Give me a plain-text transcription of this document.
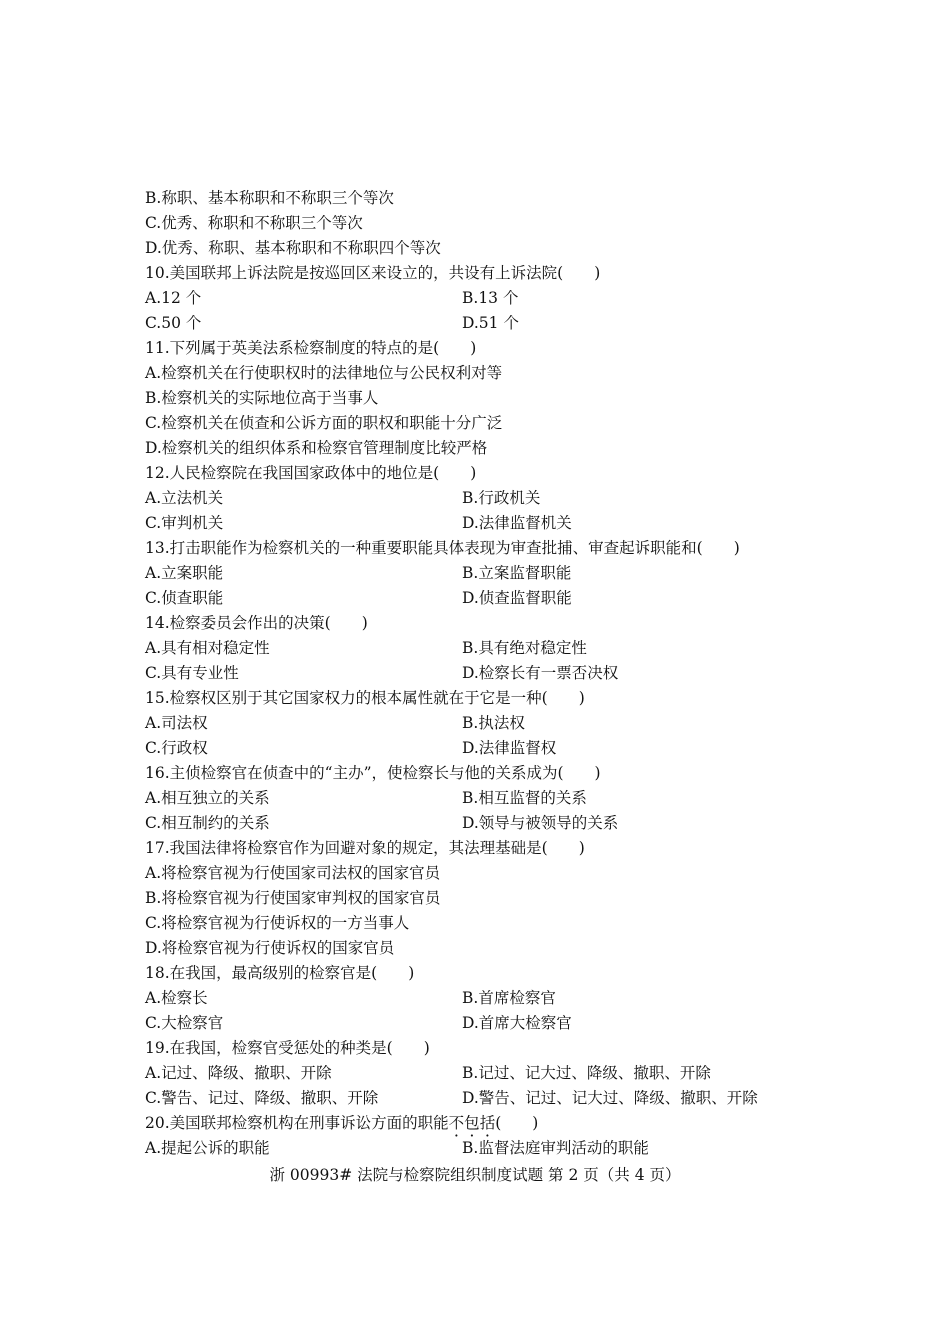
B.称职、基本称职和不称职三个等次
C.优秀、称职和不称职三个等次
D.优秀、称职、基本称职和不称职四个等次
10.美国联邦上诉法院是按巡回区来设立的，共设有上诉法院(　　)
A.12 个	B.13 个
C.50 个	D.51 个
11.下列属于英美法系检察制度的特点的是(　　)
A.检察机关在行使职权时的法律地位与公民权利对等
B.检察机关的实际地位高于当事人
C.检察机关在侦查和公诉方面的职权和职能十分广泛
D.检察机关的组织体系和检察官管理制度比较严格
12.人民检察院在我国国家政体中的地位是(　　)
A.立法机关	B.行政机关
C.审判机关	D.法律监督机关
13.打击职能作为检察机关的一种重要职能具体表现为审查批捕、审查起诉职能和(　　)
A.立案职能	B.立案监督职能
C.侦查职能	D.侦查监督职能
14.检察委员会作出的决策(　　)
A.具有相对稳定性	B.具有绝对稳定性
C.具有专业性	D.检察长有一票否决权
15.检察权区别于其它国家权力的根本属性就在于它是一种(　　)
A.司法权	B.执法权
C.行政权	D.法律监督权
16.主侦检察官在侦查中的“主办”，使检察长与他的关系成为(　　)
A.相互独立的关系	B.相互监督的关系
C.相互制约的关系	D.领导与被领导的关系
17.我国法律将检察官作为回避对象的规定，其法理基础是(　　)
A.将检察官视为行使国家司法权的国家官员
B.将检察官视为行使国家审判权的国家官员
C.将检察官视为行使诉权的一方当事人
D.将检察官视为行使诉权的国家官员
18.在我国，最高级别的检察官是(　　)
A.检察长	B.首席检察官
C.大检察官	D.首席大检察官
19.在我国，检察官受惩处的种类是(　　)
A.记过、降级、撤职、开除	B.记过、记大过、降级、撤职、开除
C.警告、记过、降级、撤职、开除	D.警告、记过、记大过、降级、撤职、开除
20.美国联邦检察机构在刑事诉讼方面的职能不包括(　　)
A.提起公诉的职能	B.监督法庭审判活动的职能
浙 00993# 法院与检察院组织制度试题 第 2 页（共 4 页）
